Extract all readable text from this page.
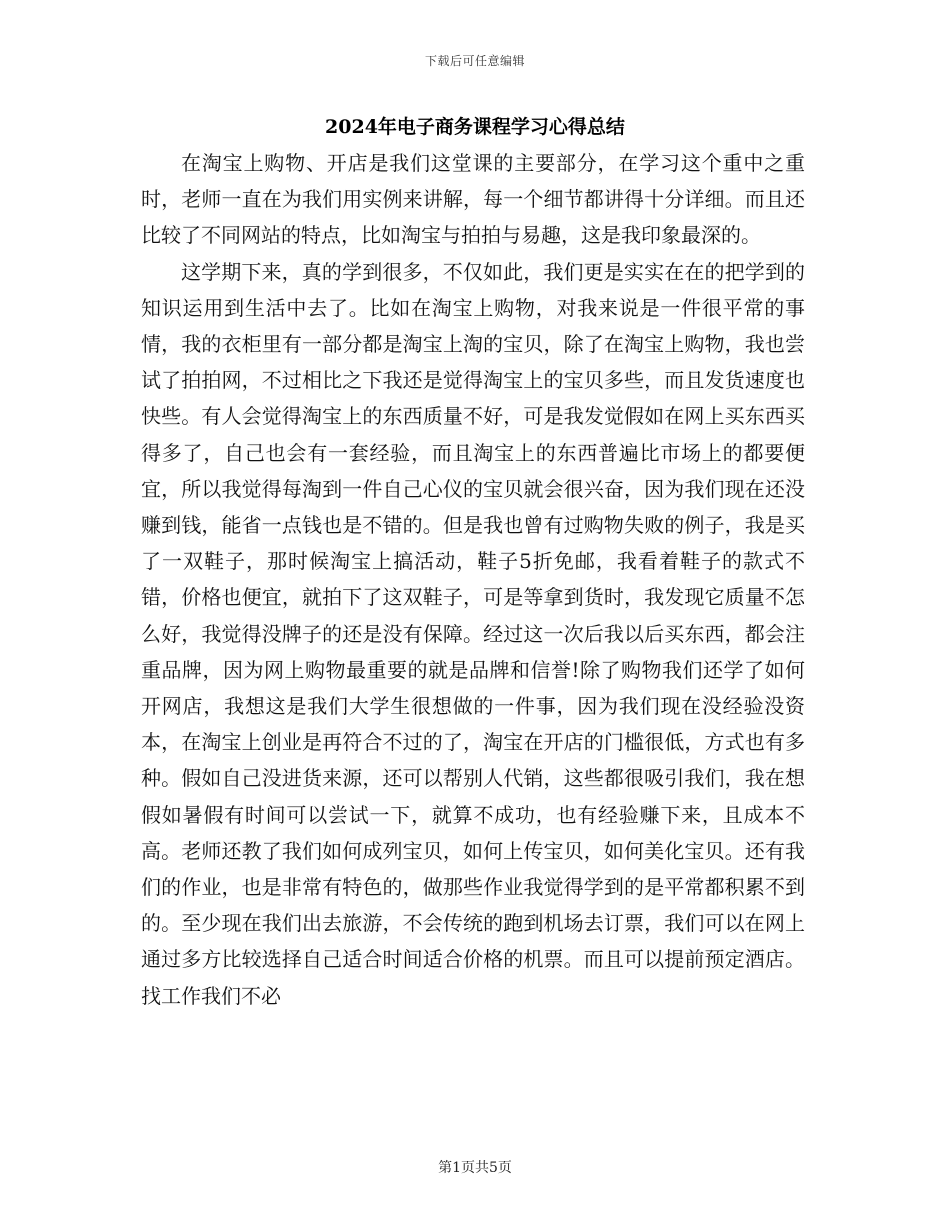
下载后可任意编辑
2024年电子商务课程学习心得总结

在淘宝上购物、开店是我们这堂课的主要部分，在学习这个重中之重时，老师一直在为我们用实例来讲解，每一个细节都讲得十分详细。而且还比较了不同网站的特点，比如淘宝与拍拍与易趣，这是我印象最深的。

这学期下来，真的学到很多，不仅如此，我们更是实实在在的把学到的知识运用到生活中去了。比如在淘宝上购物，对我来说是一件很平常的事情，我的衣柜里有一部分都是淘宝上淘的宝贝，除了在淘宝上购物，我也尝试了拍拍网，不过相比之下我还是觉得淘宝上的宝贝多些，而且发货速度也快些。有人会觉得淘宝上的东西质量不好，可是我发觉假如在网上买东西买得多了，自己也会有一套经验，而且淘宝上的东西普遍比市场上的都要便宜，所以我觉得每淘到一件自己心仪的宝贝就会很兴奋，因为我们现在还没赚到钱，能省一点钱也是不错的。但是我也曾有过购物失败的例子，我是买了一双鞋子，那时候淘宝上搞活动，鞋子5折免邮，我看着鞋子的款式不错，价格也便宜，就拍下了这双鞋子，可是等拿到货时，我发现它质量不怎么好，我觉得没牌子的还是没有保障。经过这一次后我以后买东西，都会注重品牌，因为网上购物最重要的就是品牌和信誉!除了购物我们还学了如何开网店，我想这是我们大学生很想做的一件事，因为我们现在没经验没资本，在淘宝上创业是再符合不过的了，淘宝在开店的门槛很低，方式也有多种。假如自己没进货来源，还可以帮别人代销，这些都很吸引我们，我在想假如暑假有时间可以尝试一下，就算不成功，也有经验赚下来，且成本不高。老师还教了我们如何成列宝贝，如何上传宝贝，如何美化宝贝。还有我们的作业，也是非常有特色的，做那些作业我觉得学到的是平常都积累不到的。至少现在我们出去旅游，不会传统的跑到机场去订票，我们可以在网上通过多方比较选择自己适合时间适合价格的机票。而且可以提前预定酒店。找工作我们不必

第1页共5页
